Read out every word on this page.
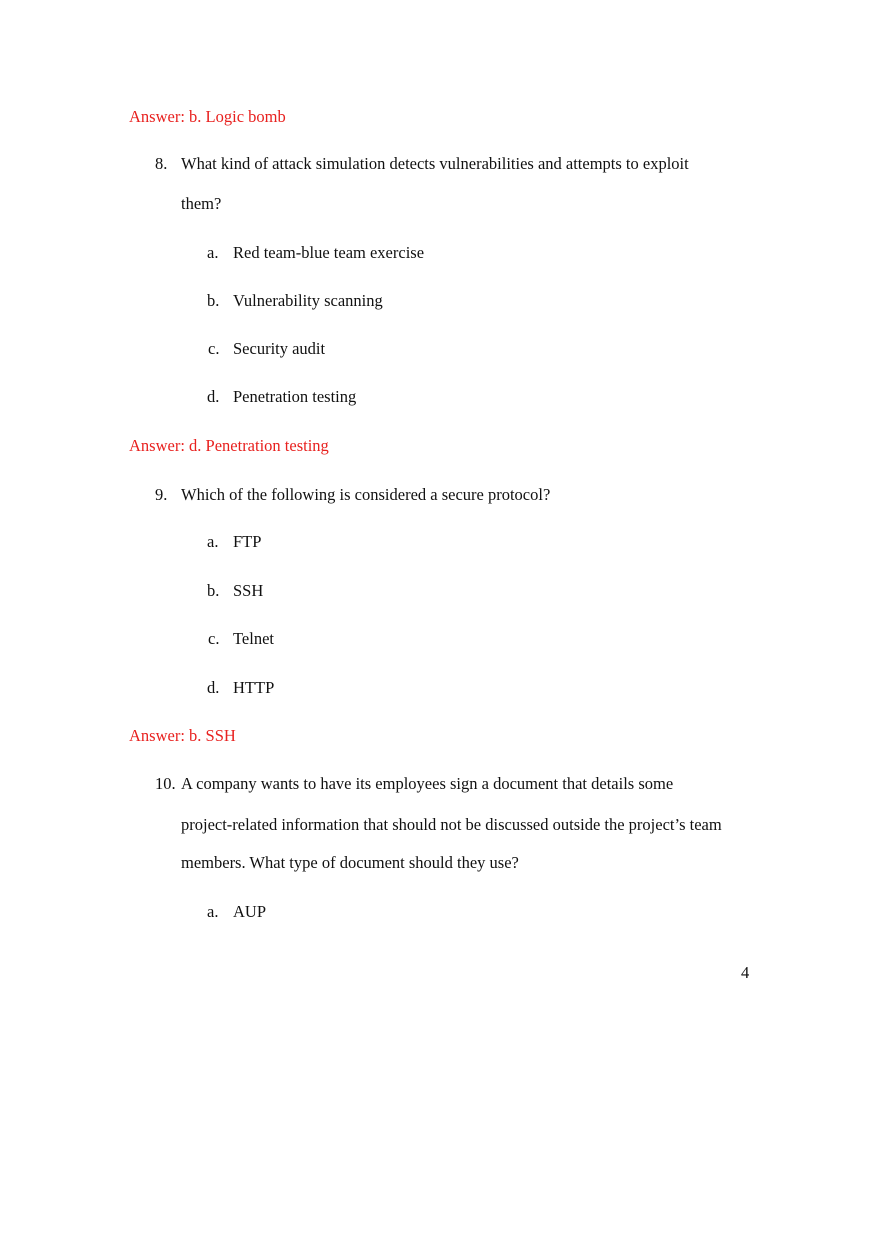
Answer: b. Logic bomb
8. What kind of attack simulation detects vulnerabilities and attempts to exploit
them?
a. Red team-blue team exercise
b. Vulnerability scanning
c. Security audit
d. Penetration testing
Answer: d. Penetration testing
9. Which of the following is considered a secure protocol?
a. FTP
b. SSH
c. Telnet
d. HTTP
Answer: b. SSH
10. A company wants to have its employees sign a document that details some
project-related information that should not be discussed outside the project’s team
members. What type of document should they use?
a. AUP
4
